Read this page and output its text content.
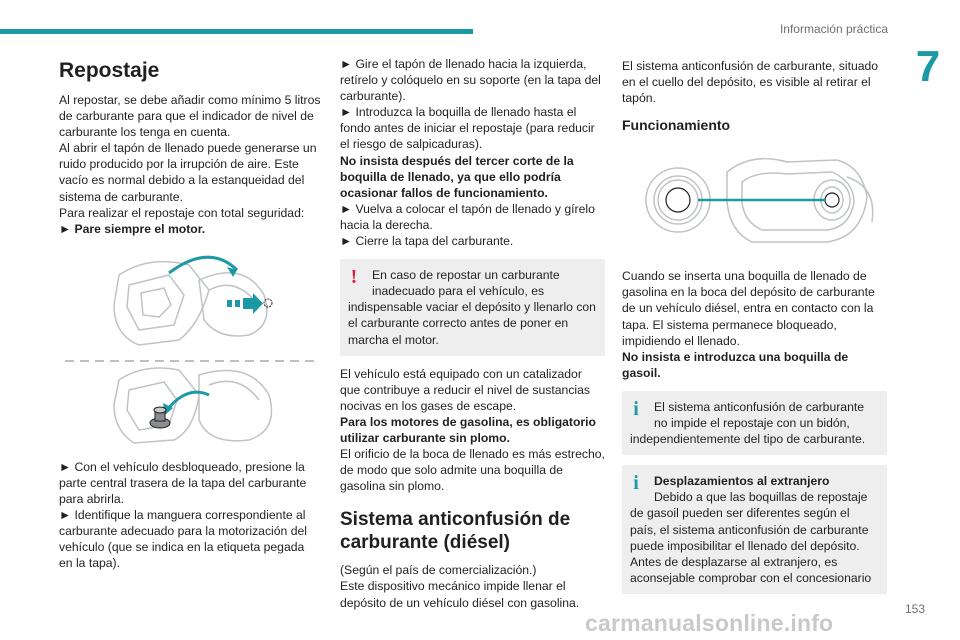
Información práctica
7
Repostaje

Al repostar, se debe añadir como mínimo 5 litros de carburante para que el indicador de nivel de carburante los tenga en cuenta.

Al abrir el tapón de llenado puede generarse un ruido producido por la irrupción de aire. Este vacío es normal debido a la estanqueidad del sistema de carburante.

Para realizar el repostaje con total seguridad:

► Pare siempre el motor.

► Con el vehículo desbloqueado, presione la parte central trasera de la tapa del carburante para abrirla.

► Identifique la manguera correspondiente al carburante adecuado para la motorización del vehículo (que se indica en la etiqueta pegada en la tapa).

► Gire el tapón de llenado hacia la izquierda, retírelo y colóquelo en su soporte (en la tapa del carburante).

► Introduzca la boquilla de llenado hasta el fondo antes de iniciar el repostaje (para reducir el riesgo de salpicaduras).

No insista después del tercer corte de la boquilla de llenado, ya que ello podría ocasionar fallos de funcionamiento.

► Vuelva a colocar el tapón de llenado y gírelo hacia la derecha.

► Cierre la tapa del carburante.

!	En caso de repostar un carburante inadecuado para el vehículo, es
indispensable vaciar el depósito y llenarlo con el carburante correcto antes de poner en marcha el motor.

El vehículo está equipado con un catalizador que contribuye a reducir el nivel de sustancias nocivas en los gases de escape.

Para los motores de gasolina, es obligatorio utilizar carburante sin plomo.

El orificio de la boca de llenado es más estrecho, de modo que solo admite una boquilla de gasolina sin plomo.

Sistema anticonfusión de carburante (diésel)

(Según el país de comercialización.)

Este dispositivo mecánico impide llenar el depósito de un vehículo diésel con gasolina.

El sistema anticonfusión de carburante, situado en el cuello del depósito, es visible al retirar el tapón.

Funcionamiento

Cuando se inserta una boquilla de llenado de gasolina en la boca del depósito de carburante de un vehículo diésel, entra en contacto con la tapa. El sistema permanece bloqueado, impidiendo el llenado.

No insista e introduzca una boquilla de gasoil.

i	El sistema anticonfusión de carburante no impide el repostaje con un bidón,
independientemente del tipo de carburante.
i	Desplazamientos al extranjero
Debido a que las boquillas de repostaje
de gasoil pueden ser diferentes según el país, el sistema anticonfusión de carburante puede imposibilitar el llenado del depósito. Antes de desplazarse al extranjero, es aconsejable comprobar con el concesionario
153
carmanualsonline.info
